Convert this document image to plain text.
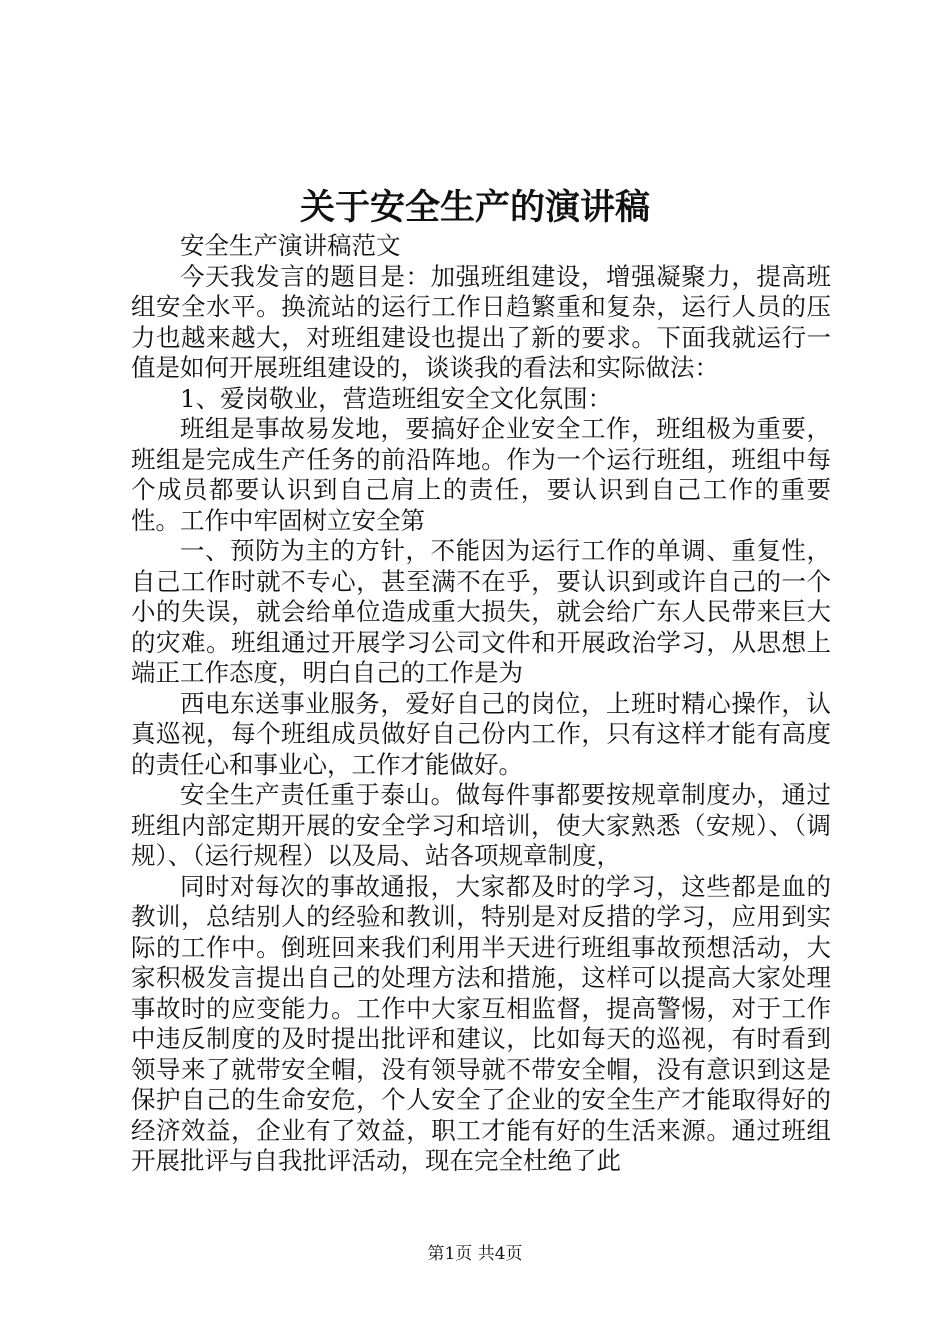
关于安全生产的演讲稿

安全生产演讲稿范文

今天我发言的题目是：加强班组建设，增强凝聚力，提高班组安全水平。换流站的运行工作日趋繁重和复杂，运行人员的压力也越来越大，对班组建设也提出了新的要求。下面我就运行一值是如何开展班组建设的，谈谈我的看法和实际做法：

1、爱岗敬业，营造班组安全文化氛围：

班组是事故易发地，要搞好企业安全工作，班组极为重要，班组是完成生产任务的前沿阵地。作为一个运行班组，班组中每个成员都要认识到自己肩上的责任，要认识到自己工作的重要性。工作中牢固树立安全第

一、预防为主的方针，不能因为运行工作的单调、重复性，自己工作时就不专心，甚至满不在乎，要认识到或许自己的一个小的失误，就会给单位造成重大损失，就会给广东人民带来巨大的灾难。班组通过开展学习公司文件和开展政治学习，从思想上端正工作态度，明白自己的工作是为

西电东送事业服务，爱好自己的岗位，上班时精心操作，认真巡视，每个班组成员做好自己份内工作，只有这样才能有高度的责任心和事业心，工作才能做好。

安全生产责任重于泰山。做每件事都要按规章制度办，通过班组内部定期开展的安全学习和培训，使大家熟悉（安规）、（调规）、（运行规程）以及局、站各项规章制度，

同时对每次的事故通报，大家都及时的学习，这些都是血的教训，总结别人的经验和教训，特别是对反措的学习，应用到实际的工作中。倒班回来我们利用半天进行班组事故预想活动，大家积极发言提出自己的处理方法和措施，这样可以提高大家处理事故时的应变能力。工作中大家互相监督，提高警惕，对于工作中违反制度的及时提出批评和建议，比如每天的巡视，有时看到领导来了就带安全帽，没有领导就不带安全帽，没有意识到这是保护自己的生命安危，个人安全了企业的安全生产才能取得好的经济效益，企业有了效益，职工才能有好的生活来源。通过班组开展批评与自我批评活动，现在完全杜绝了此

第1页 共4页
